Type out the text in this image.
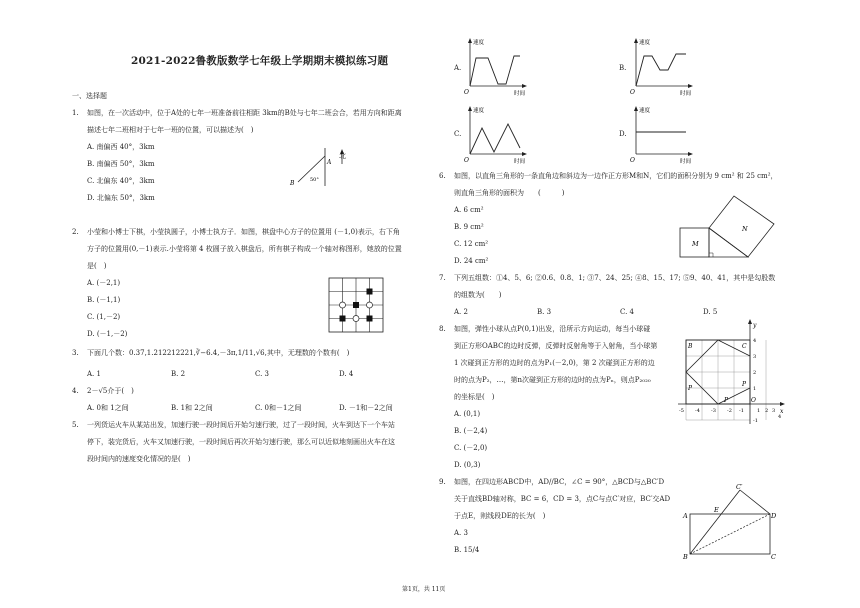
2021-2022鲁教版数学七年级上学期期末模拟练习题
一、选择题
1. 如图，在一次活动中，位于A处的七年一班准备前往相距 3km的B处与七年二班会合，若用方向和距离
描述七年二班相对于七年一班的位置，可以描述为(　)
A. 南偏西 40°，3km
B. 南偏西 50°，3km
C. 北偏东 40°，3km
D. 北偏东 50°，3km
北
A
B	50°
2. 小莹和小博士下棋，小莹执圆子，小博士执方子．如图，棋盘中心方子的位置用 (－1,0)表示，右下角
方子的位置用(0,－1)表示.小莹将第 4 枚圆子放入棋盘后，所有棋子构成一个轴对称图形，她放的位置
是(　)
A. (－2,1)
B. (－1,1)
C. (1,－2)
D. (－1,－2)
3. 下面几个数：0.37,1.212212221,∛−6.4,－3π,1/11,√6,其中，无理数的个数有(　)
A. 1	B. 2	C. 3	D. 4
4. 2－√5介于(　)
A. 0和 1之间	B. 1和 2之间	C. 0和－1之间	D. －1和－2之间
5. 一列货运火车从某站出发，加速行驶一段时间后开始匀速行驶，过了一段时间，火车到达下一个车站
停下，装完货后，火车又加速行驶，一段时间后再次开始匀速行驶，那么可以近似地刻画出火车在这
段时间内的速度变化情况的是(　)
A.
速度
时间
O
B.
速度
时间
O
C.
速度
时间
O
D.
速度
时间
O
6. 如图，以直角三角形的一条直角边和斜边为一边作正方形M和N，它们的面积分别为 9 cm² 和 25 cm²，
则直角三角形的面积为　　(　　　)
A. 6 cm²
B. 9 cm²
C. 12 cm²
D. 24 cm²
M
N
7. 下列五组数：①4、5、6; ②0.6、0.8、1; ③7、24、25; ④8、15、17; ⑤9、40、41，其中是勾股数
的组数为(　　)
A. 2	B. 3	C. 4	D. 5
8. 如图，弹性小球从点P(0,1)出发，沿所示方向运动，每当小球碰
到正方形OABC的边时反弹，反弹时反射角等于入射角，当小球第
1 次碰到正方形的边时的点为P₁(－2,0)，第 2 次碰到正方形的边
时的点为P₂，…，第n次碰到正方形的边时的点为Pₙ，则点P₂₀₂₀
的坐标是(　)
A. (0,1)
B. (－2,4)
C. (－2,0)
D. (0,3)
y
x
-5 -4 -3 -2 -1	1 2 3
4
4
3
2
1
-1
B	C
P
P
P	O
9. 如图，在四边形ABCD中，AD//BC，∠C = 90°，△BCD与△BC′D
关于直线BD轴对称，BC = 6，CD = 3，点C与点C′对应，BC′交AD
于点E，则线段DE的长为(　)
A. 3
B. 15/4
A
B	C
D
E
C′
第1页，共 11页
